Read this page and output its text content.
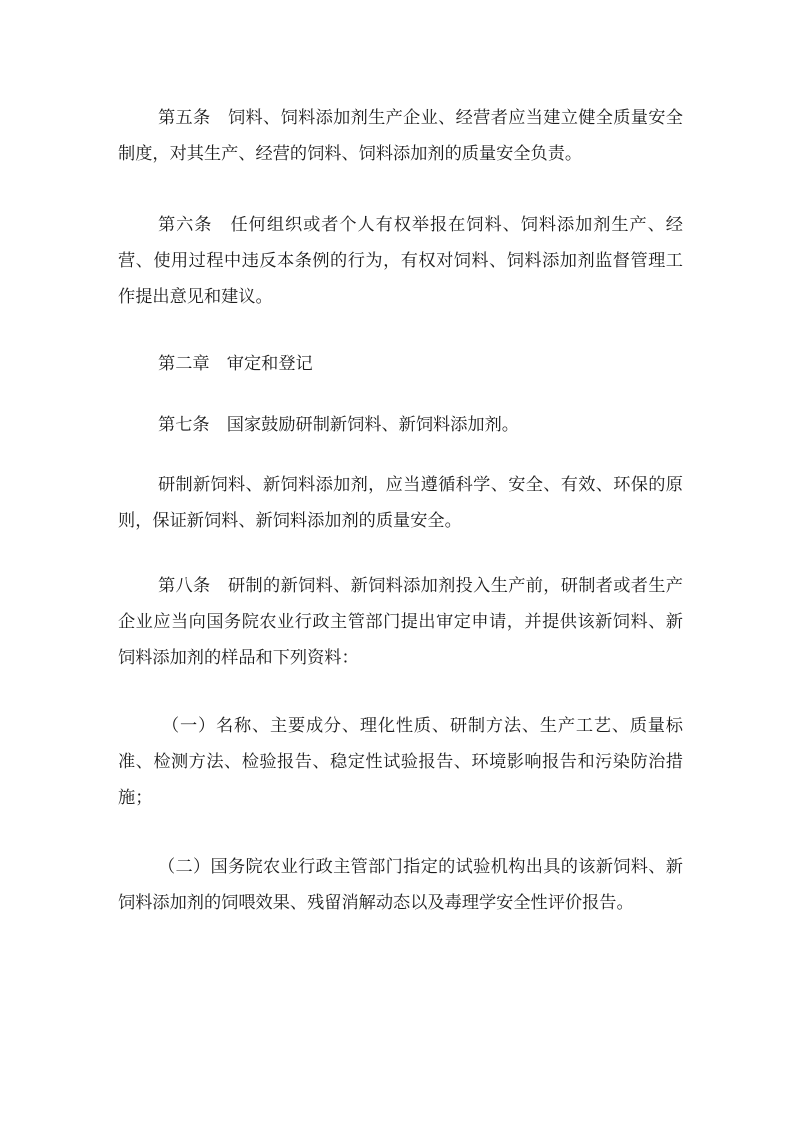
第五条　饲料、饲料添加剂生产企业、经营者应当建立健全质量安全制度，对其生产、经营的饲料、饲料添加剂的质量安全负责。

第六条　任何组织或者个人有权举报在饲料、饲料添加剂生产、经营、使用过程中违反本条例的行为，有权对饲料、饲料添加剂监督管理工作提出意见和建议。

第二章　审定和登记

第七条　国家鼓励研制新饲料、新饲料添加剂。

研制新饲料、新饲料添加剂，应当遵循科学、安全、有效、环保的原则，保证新饲料、新饲料添加剂的质量安全。

第八条　研制的新饲料、新饲料添加剂投入生产前，研制者或者生产企业应当向国务院农业行政主管部门提出审定申请，并提供该新饲料、新饲料添加剂的样品和下列资料：

（一）名称、主要成分、理化性质、研制方法、生产工艺、质量标准、检测方法、检验报告、稳定性试验报告、环境影响报告和污染防治措施；

（二）国务院农业行政主管部门指定的试验机构出具的该新饲料、新饲料添加剂的饲喂效果、残留消解动态以及毒理学安全性评价报告。
